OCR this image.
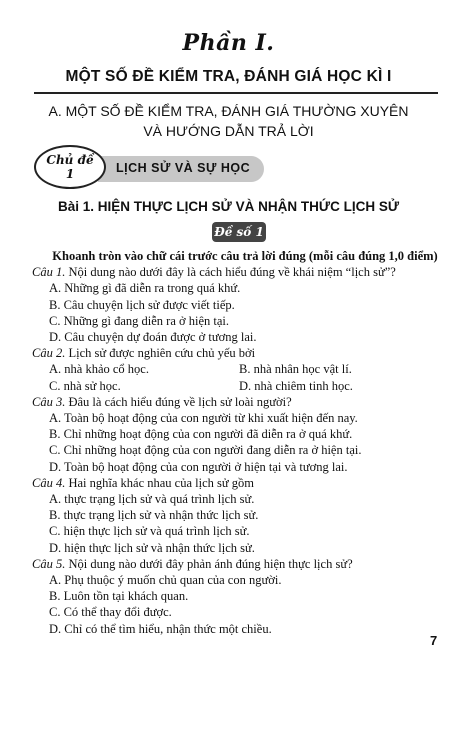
Phần I.
MỘT SỐ ĐỀ KIỂM TRA, ĐÁNH GIÁ HỌC KÌ I
A. MỘT SỐ ĐỀ KIỂM TRA, ĐÁNH GIÁ THƯỜNG XUYÊN
VÀ HƯỚNG DẪN TRẢ LỜI
Chủ đề
1	LỊCH SỬ VÀ SỰ HỌC
Bài 1. HIỆN THỰC LỊCH SỬ VÀ NHẬN THỨC LỊCH SỬ
Đề số 1
Khoanh tròn vào chữ cái trước câu trả lời đúng (mỗi câu đúng 1,0 điểm)
Câu 1. Nội dung nào dưới đây là cách hiểu đúng về khái niệm “lịch sử”?
A. Những gì đã diễn ra trong quá khứ.
B. Câu chuyện lịch sử được viết tiếp.
C. Những gì đang diễn ra ở hiện tại.
D. Câu chuyện dự đoán được ở tương lai.
Câu 2. Lịch sử được nghiên cứu chủ yếu bởi
A. nhà khảo cổ học.	B. nhà nhân học vật lí.
C. nhà sử học.	D. nhà chiêm tinh học.
Câu 3. Đâu là cách hiểu đúng về lịch sử loài người?
A. Toàn bộ hoạt động của con người từ khi xuất hiện đến nay.
B. Chỉ những hoạt động của con người đã diễn ra ở quá khứ.
C. Chỉ những hoạt động của con người đang diễn ra ở hiện tại.
D. Toàn bộ hoạt động của con người ở hiện tại và tương lai.
Câu 4. Hai nghĩa khác nhau của lịch sử gồm
A. thực trạng lịch sử và quá trình lịch sử.
B. thực trạng lịch sử và nhận thức lịch sử.
C. hiện thực lịch sử và quá trình lịch sử.
D. hiện thực lịch sử và nhận thức lịch sử.
Câu 5. Nội dung nào dưới đây phản ánh đúng hiện thực lịch sử?
A. Phụ thuộc ý muốn chủ quan của con người.
B. Luôn tồn tại khách quan.
C. Có thể thay đổi được.
D. Chỉ có thể tìm hiểu, nhận thức một chiều.
7
